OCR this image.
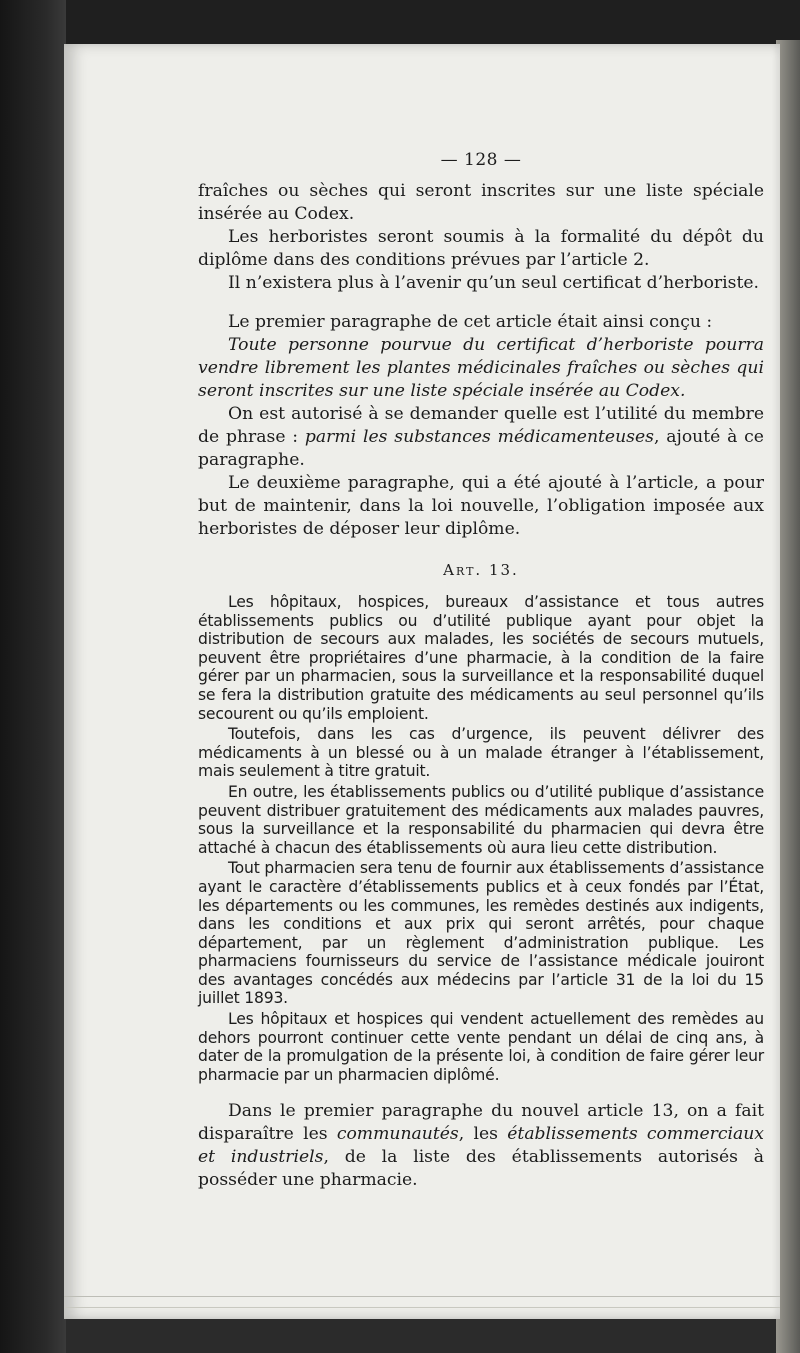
— 128 —

fraîches ou sèches qui seront inscrites sur une liste spéciale insérée au Codex.

Les herboristes seront soumis à la formalité du dépôt du diplôme dans des conditions prévues par l’article 2.

Il n’existera plus à l’avenir qu’un seul certificat d’herboriste.

Le premier paragraphe de cet article était ainsi conçu :

Toute personne pourvue du certificat d’herboriste pourra vendre librement les plantes médicinales fraîches ou sèches qui seront inscrites sur une liste spéciale insérée au Codex.

On est autorisé à se demander quelle est l’utilité du membre de phrase : parmi les substances médicamenteuses, ajouté à ce paragraphe.

Le deuxième paragraphe, qui a été ajouté à l’article, a pour but de maintenir, dans la loi nouvelle, l’obligation imposée aux herboristes de déposer leur diplôme.

Art. 13.

Les hôpitaux, hospices, bureaux d’assistance et tous autres établissements publics ou d’utilité publique ayant pour objet la distribution de secours aux malades, les sociétés de secours mutuels, peuvent être propriétaires d’une pharmacie, à la condition de la faire gérer par un pharmacien, sous la surveillance et la responsabilité duquel se fera la distribution gratuite des médicaments au seul personnel qu’ils secourent ou qu’ils emploient.

Toutefois, dans les cas d’urgence, ils peuvent délivrer des médicaments à un blessé ou à un malade étranger à l’établissement, mais seulement à titre gratuit.

En outre, les établissements publics ou d’utilité publique d’assistance peuvent distribuer gratuitement des médicaments aux malades pauvres, sous la surveillance et la responsabilité du pharmacien qui devra être attaché à chacun des établissements où aura lieu cette distribution.

Tout pharmacien sera tenu de fournir aux établissements d’assistance ayant le caractère d’établissements publics et à ceux fondés par l’État, les départements ou les communes, les remèdes destinés aux indigents, dans les conditions et aux prix qui seront arrêtés, pour chaque département, par un règlement d’administration publique. Les pharmaciens fournisseurs du service de l’assistance médicale jouiront des avantages concédés aux médecins par l’article 31 de la loi du 15 juillet 1893.

Les hôpitaux et hospices qui vendent actuellement des remèdes au dehors pourront continuer cette vente pendant un délai de cinq ans, à dater de la promulgation de la présente loi, à condition de faire gérer leur pharmacie par un pharmacien diplômé.

Dans le premier paragraphe du nouvel article 13, on a fait disparaître les communautés, les établissements commerciaux et industriels, de la liste des établissements autorisés à posséder une pharmacie.
